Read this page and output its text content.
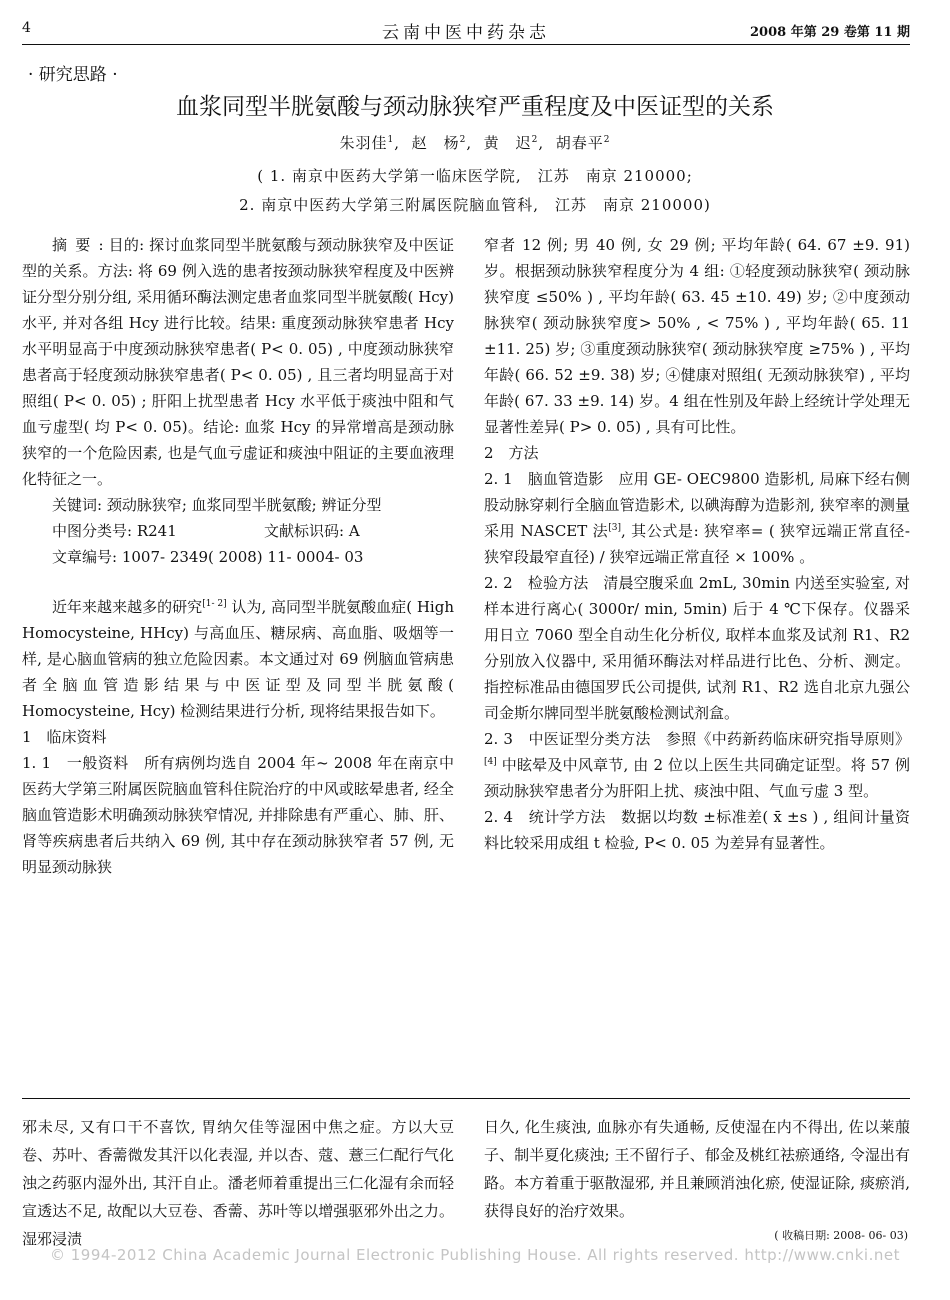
4	云南中医中药杂志	2008 年第 29 卷第 11 期
· 研究思路 ·
血浆同型半胱氨酸与颈动脉狭窄严重程度及中医证型的关系
朱羽佳$^1$,  赵　杨$^2$,  黄　迟$^2$,  胡春平$^2$
( 1. 南京中医药大学第一临床医学院,　江苏　南京 210000;
2. 南京中医药大学第三附属医院脑血管科,　江苏　南京 210000)

摘要: 目的: 探讨血浆同型半胱氨酸与颈动脉狭窄及中医证型的关系。方法: 将 69 例入选的患者按颈动脉狭窄程度及中医辨证分型分别分组, 采用循环酶法测定患者血浆同型半胱氨酸( Hcy) 水平, 并对各组 Hcy 进行比较。结果: 重度颈动脉狭窄患者 Hcy 水平明显高于中度颈动脉狭窄患者( P< 0. 05) , 中度颈动脉狭窄患者高于轻度颈动脉狭窄患者( P< 0. 05) , 且三者均明显高于对照组( P< 0. 05) ; 肝阳上扰型患者 Hcy 水平低于痰浊中阻和气血亏虚型( 均 P< 0. 05)。结论: 血浆 Hcy 的异常增高是颈动脉狭窄的一个危险因素, 也是气血亏虚证和痰浊中阻证的主要血液理化特征之一。

关键词: 颈动脉狭窄; 血浆同型半胱氨酸; 辨证分型

中图分类号: R241	文献标识码: A

文章编号: 1007- 2349( 2008) 11- 0004- 03

近年来越来越多的研究[1- 2] 认为, 高同型半胱氨酸血症( High Homocysteine, HHcy) 与高血压、糖尿病、高血脂、吸烟等一样, 是心脑血管病的独立危险因素。本文通过对 69 例脑血管病患者全脑血管造影结果与中医证型及同型半胱氨酸( Homocysteine, Hcy) 检测结果进行分析, 现将结果报告如下。

1　临床资料

1. 1　一般资料　所有病例均选自 2004 年~ 2008 年在南京中医药大学第三附属医院脑血管科住院治疗的中风或眩晕患者, 经全脑血管造影术明确颈动脉狭窄情况, 并排除患有严重心、肺、肝、肾等疾病患者后共纳入 69 例, 其中存在颈动脉狭窄者 57 例, 无明显颈动脉狭

窄者 12 例; 男 40 例, 女 29 例; 平均年龄( 64. 67 ±9. 91) 岁。根据颈动脉狭窄程度分为 4 组: ①轻度颈动脉狭窄( 颈动脉狭窄度 ≤50% ) , 平均年龄( 63. 45 ±10. 49) 岁; ②中度颈动脉狭窄( 颈动脉狭窄度> 50% , < 75% ) , 平均年龄( 65. 11 ±11. 25) 岁; ③重度颈动脉狭窄( 颈动脉狭窄度 ≥75% ) , 平均年龄( 66. 52 ±9. 38) 岁; ④健康对照组( 无颈动脉狭窄) , 平均年龄( 67. 33 ±9. 14) 岁。4 组在性别及年龄上经统计学处理无显著性差异( P> 0. 05) , 具有可比性。

2　方法

2. 1　脑血管造影　应用 GE- OEC9800 造影机, 局麻下经右侧股动脉穿刺行全脑血管造影术, 以碘海醇为造影剂, 狭窄率的测量采用 NASCET 法[3], 其公式是: 狭窄率= ( 狭窄远端正常直径- 狭窄段最窄直径) / 狭窄远端正常直径 × 100% 。

2. 2　检验方法　清晨空腹采血 2mL, 30min 内送至实验室, 对样本进行离心( 3000r/ min, 5min) 后于 4 ℃下保存。仪器采用日立 7060 型全自动生化分析仪, 取样本血浆及试剂 R1、R2 分别放入仪器中, 采用循环酶法对样品进行比色、分析、测定。指控标准品由德国罗氏公司提供, 试剂 R1、R2 选自北京九强公司金斯尔牌同型半胱氨酸检测试剂盒。

2. 3　中医证型分类方法　参照《中药新药临床研究指导原则》[4] 中眩晕及中风章节, 由 2 位以上医生共同确定证型。将 57 例颈动脉狭窄患者分为肝阳上扰、痰浊中阻、气血亏虚 3 型。

2. 4　统计学方法　数据以均数 ±标准差( x̄ ±s ) , 组间计量资料比较采用成组 t 检验, P< 0. 05 为差异有显著性。

邪未尽, 又有口干不喜饮, 胃纳欠佳等湿困中焦之症。方以大豆卷、苏叶、香薷微发其汗以化表湿, 并以杏、蔻、薏三仁配行气化浊之药驱内湿外出, 其汗自止。潘老师着重提出三仁化湿有余而轻宣透达不足, 故配以大豆卷、香薷、苏叶等以增强驱邪外出之力。湿邪浸渍
日久, 化生痰浊, 血脉亦有失通畅, 反使湿在内不得出, 佐以莱菔子、制半夏化痰浊; 王不留行子、郁金及桃红祛瘀通络, 令湿出有路。本方着重于驱散湿邪, 并且兼顾消浊化瘀, 使湿证除, 痰瘀消, 获得良好的治疗效果。
( 收稿日期: 2008- 06- 03)
© 1994-2012 China Academic Journal Electronic Publishing House. All rights reserved. http://www.cnki.net
